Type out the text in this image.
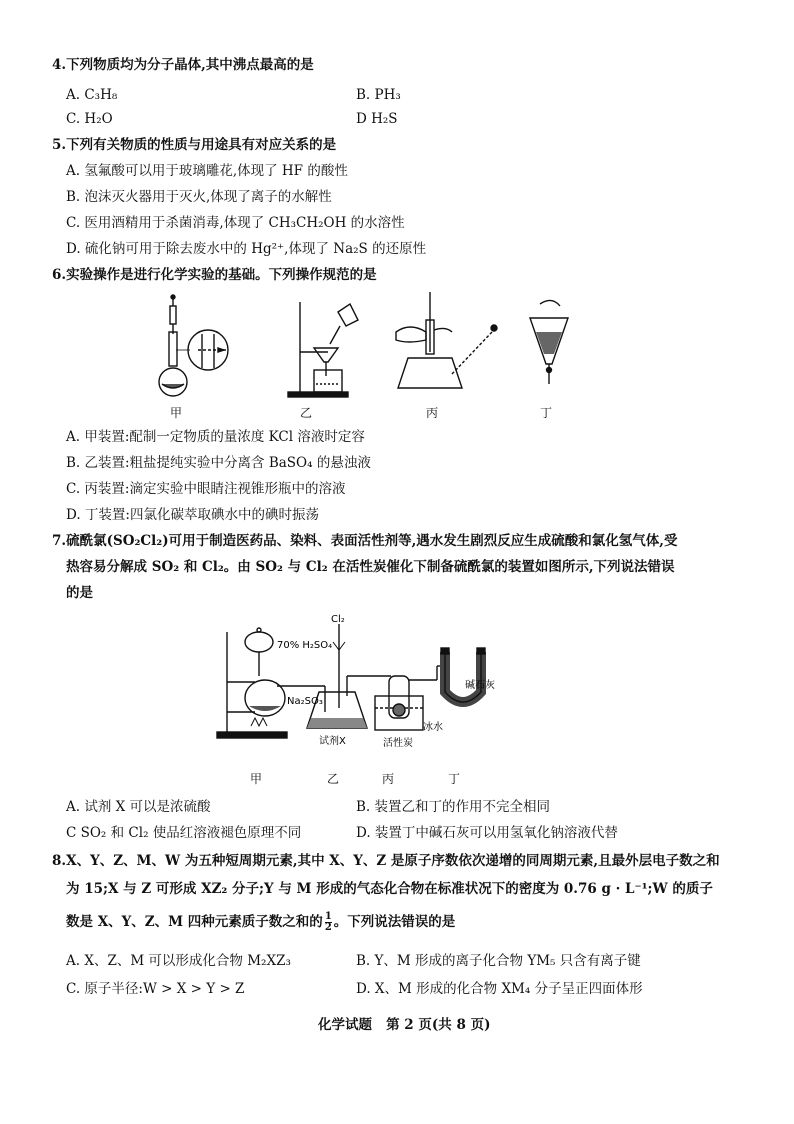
4.下列物质均为分子晶体,其中沸点最高的是
A. C₃H₈	B. PH₃
C. H₂O	D H₂S
5.下列有关物质的性质与用途具有对应关系的是
A. 氢氟酸可以用于玻璃雕花,体现了 HF 的酸性
B. 泡沫灭火器用于灭火,体现了离子的水解性
C. 医用酒精用于杀菌消毒,体现了 CH₃CH₂OH 的水溶性
D. 硫化钠可用于除去废水中的 Hg²⁺,体现了 Na₂S 的还原性
6.实验操作是进行化学实验的基础。下列操作规范的是
甲	乙	丙	丁
A. 甲装置:配制一定物质的量浓度 KCl 溶液时定容
B. 乙装置:粗盐提纯实验中分离含 BaSO₄ 的悬浊液
C. 丙装置:滴定实验中眼睛注视锥形瓶中的溶液
D. 丁装置:四氯化碳萃取碘水中的碘时振荡
7.硫酰氯(SO₂Cl₂)可用于制造医药品、染料、表面活性剂等,遇水发生剧烈反应生成硫酸和氯化氢气体,受
热容易分解成 SO₂ 和 Cl₂。由 SO₂ 与 Cl₂ 在活性炭催化下制备硫酰氯的装置如图所示,下列说法错误
的是
70% H₂SO₄
Cl₂
Na₂SO₃
碱石灰
试剂X	活性炭
冰水
甲	乙	丙	丁
A. 试剂 X 可以是浓硫酸	B. 装置乙和丁的作用不完全相同
C SO₂ 和 Cl₂ 使品红溶液褪色原理不同	D. 装置丁中碱石灰可以用氢氧化钠溶液代替
8.X、Y、Z、M、W 为五种短周期元素,其中 X、Y、Z 是原子序数依次递增的同周期元素,且最外层电子数之和
为 15;X 与 Z 可形成 XZ₂ 分子;Y 与 M 形成的气态化合物在标准状况下的密度为 0.76 g · L⁻¹;W 的质子
数是 X、Y、Z、M 四种元素质子数之和的 $\frac{1}{2}$ 。下列说法错误的是
A. X、Z、M 可以形成化合物 M₂XZ₃	B. Y、M 形成的离子化合物 YM₅ 只含有离子键
C. 原子半径:W > X > Y > Z	D. X、M 形成的化合物 XM₄ 分子呈正四面体形
化学试题   第 2 页(共 8 页)
